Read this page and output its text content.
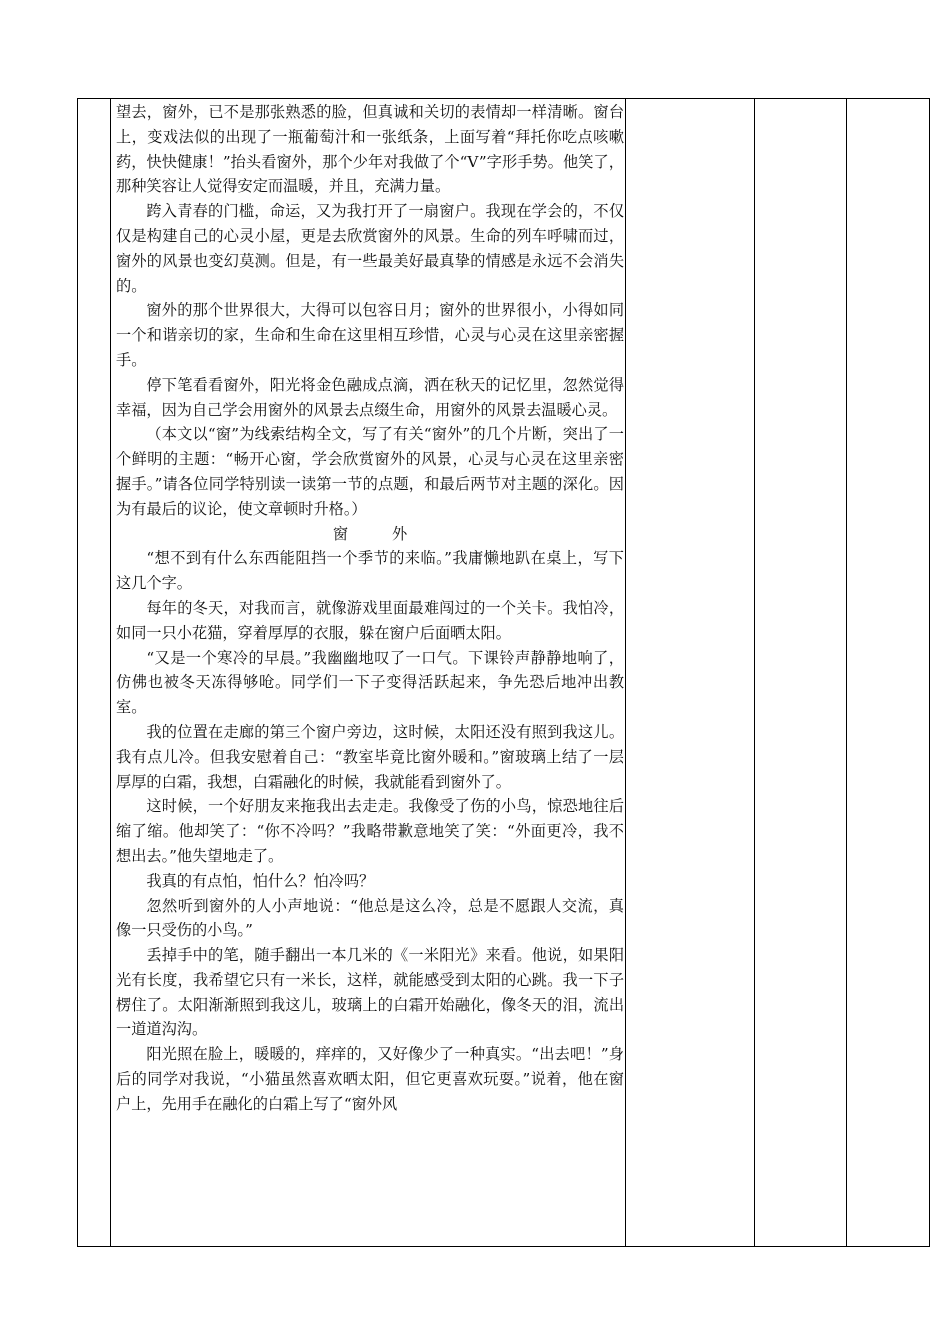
望去，窗外，已不是那张熟悉的脸，但真诚和关切的表情却一样清晰。窗台上，变戏法似的出现了一瓶葡萄汁和一张纸条，上面写着“拜托你吃点咳嗽药，快快健康！”抬头看窗外，那个少年对我做了个“V”字形手势。他笑了，那种笑容让人觉得安定而温暖，并且，充满力量。

跨入青春的门槛，命运，又为我打开了一扇窗户。我现在学会的，不仅仅是构建自己的心灵小屋，更是去欣赏窗外的风景。生命的列车呼啸而过，窗外的风景也变幻莫测。但是，有一些最美好最真挚的情感是永远不会消失的。

窗外的那个世界很大，大得可以包容日月；窗外的世界很小，小得如同一个和谐亲切的家，生命和生命在这里相互珍惜，心灵与心灵在这里亲密握手。

停下笔看看窗外，阳光将金色融成点滴，洒在秋天的记忆里，忽然觉得幸福，因为自己学会用窗外的风景去点缀生命，用窗外的风景去温暖心灵。

（本文以“窗”为线索结构全文，写了有关“窗外”的几个片断，突出了一个鲜明的主题：“畅开心窗，学会欣赏窗外的风景，心灵与心灵在这里亲密握手。”请各位同学特别读一读第一节的点题，和最后两节对主题的深化。因为有最后的议论，使文章顿时升格。）

窗	外

“想不到有什么东西能阻挡一个季节的来临。”我庸懒地趴在桌上，写下这几个字。

每年的冬天，对我而言，就像游戏里面最难闯过的一个关卡。我怕冷，如同一只小花猫，穿着厚厚的衣服，躲在窗户后面晒太阳。

“又是一个寒冷的早晨。”我幽幽地叹了一口气。下课铃声静静地响了，仿佛也被冬天冻得够呛。同学们一下子变得活跃起来，争先恐后地冲出教室。

我的位置在走廊的第三个窗户旁边，这时候，太阳还没有照到我这儿。我有点儿冷。但我安慰着自己：“教室毕竟比窗外暖和。”窗玻璃上结了一层厚厚的白霜，我想，白霜融化的时候，我就能看到窗外了。

这时候，一个好朋友来拖我出去走走。我像受了伤的小鸟，惊恐地往后缩了缩。他却笑了：“你不冷吗？”我略带歉意地笑了笑：“外面更冷，我不想出去。”他失望地走了。

我真的有点怕，怕什么？怕冷吗？

忽然听到窗外的人小声地说：“他总是这么冷，总是不愿跟人交流，真像一只受伤的小鸟。”

丢掉手中的笔，随手翻出一本几米的《一米阳光》来看。他说，如果阳光有长度，我希望它只有一米长，这样，就能感受到太阳的心跳。我一下子楞住了。太阳渐渐照到我这儿，玻璃上的白霜开始融化，像冬天的泪，流出一道道沟沟。

阳光照在脸上，暖暖的，痒痒的，又好像少了一种真实。“出去吧！”身后的同学对我说，“小猫虽然喜欢晒太阳，但它更喜欢玩耍。”说着，他在窗户上，先用手在融化的白霜上写了“窗外风
